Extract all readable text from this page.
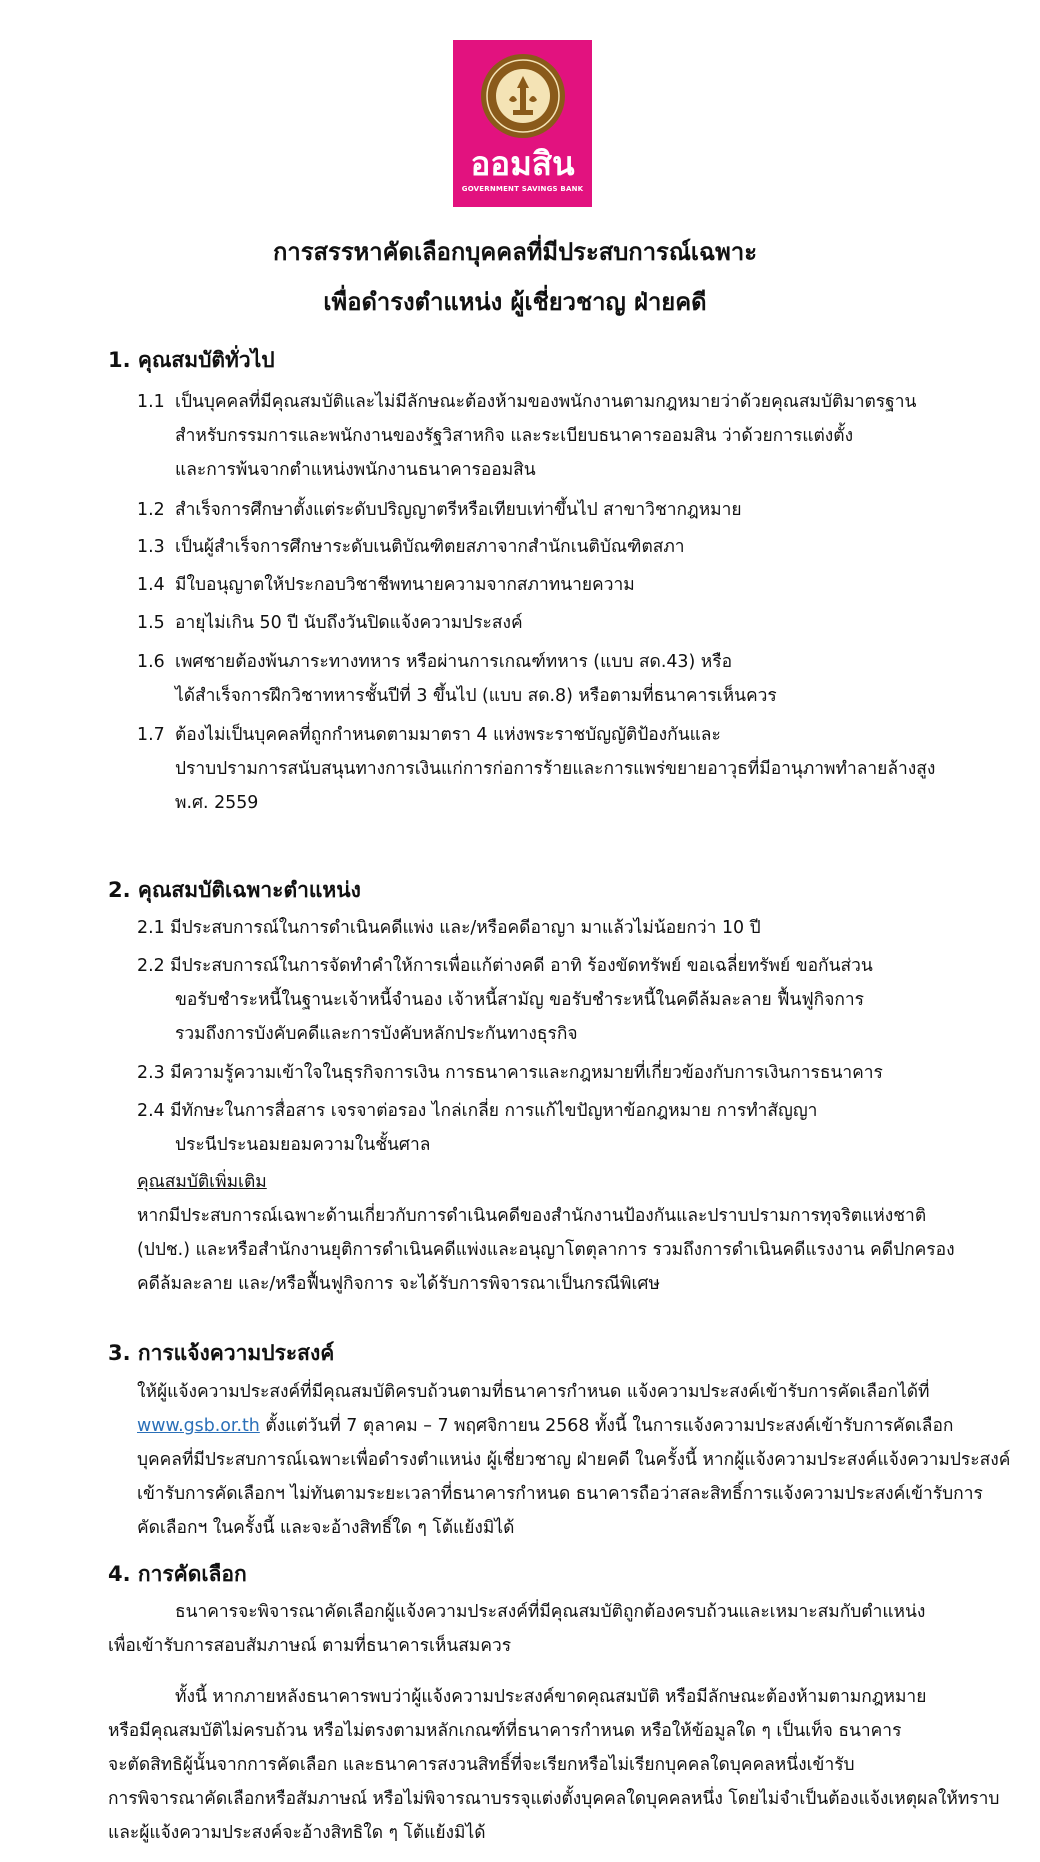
ออมสิน
GOVERNMENT SAVINGS BANK
การสรรหาคัดเลือกบุคคลที่มีประสบการณ์เฉพาะ
เพื่อดำรงตำแหน่ง ผู้เชี่ยวชาญ ฝ่ายคดี
1. คุณสมบัติทั่วไป
1.1 เป็นบุคคลที่มีคุณสมบัติและไม่มีลักษณะต้องห้ามของพนักงานตามกฎหมายว่าด้วยคุณสมบัติมาตรฐาน
สำหรับกรรมการและพนักงานของรัฐวิสาหกิจ และระเบียบธนาคารออมสิน ว่าด้วยการแต่งตั้ง
และการพ้นจากตำแหน่งพนักงานธนาคารออมสิน
1.2 สำเร็จการศึกษาตั้งแต่ระดับปริญญาตรีหรือเทียบเท่าขึ้นไป สาขาวิชากฎหมาย
1.3 เป็นผู้สำเร็จการศึกษาระดับเนติบัณฑิตยสภาจากสำนักเนติบัณฑิตสภา
1.4 มีใบอนุญาตให้ประกอบวิชาชีพทนายความจากสภาทนายความ
1.5 อายุไม่เกิน 50 ปี นับถึงวันปิดแจ้งความประสงค์
1.6 เพศชายต้องพ้นภาระทางทหาร หรือผ่านการเกณฑ์ทหาร (แบบ สด.43) หรือ
ได้สำเร็จการฝึกวิชาทหารชั้นปีที่ 3 ขึ้นไป (แบบ สด.8) หรือตามที่ธนาคารเห็นควร
1.7 ต้องไม่เป็นบุคคลที่ถูกกำหนดตามมาตรา 4 แห่งพระราชบัญญัติป้องกันและ
ปราบปรามการสนับสนุนทางการเงินแก่การก่อการร้ายและการแพร่ขยายอาวุธที่มีอานุภาพทำลายล้างสูง
พ.ศ. 2559
2. คุณสมบัติเฉพาะตำแหน่ง
2.1 มีประสบการณ์ในการดำเนินคดีแพ่ง และ/หรือคดีอาญา มาแล้วไม่น้อยกว่า 10 ปี
2.2 มีประสบการณ์ในการจัดทำคำให้การเพื่อแก้ต่างคดี อาทิ ร้องขัดทรัพย์ ขอเฉลี่ยทรัพย์ ขอกันส่วน
ขอรับชำระหนี้ในฐานะเจ้าหนี้จำนอง เจ้าหนี้สามัญ ขอรับชำระหนี้ในคดีล้มละลาย ฟื้นฟูกิจการ
รวมถึงการบังคับคดีและการบังคับหลักประกันทางธุรกิจ
2.3 มีความรู้ความเข้าใจในธุรกิจการเงิน การธนาคารและกฎหมายที่เกี่ยวข้องกับการเงินการธนาคาร
2.4 มีทักษะในการสื่อสาร เจรจาต่อรอง ไกล่เกลี่ย การแก้ไขปัญหาข้อกฎหมาย การทำสัญญา
ประนีประนอมยอมความในชั้นศาล
คุณสมบัติเพิ่มเติม
หากมีประสบการณ์เฉพาะด้านเกี่ยวกับการดำเนินคดีของสำนักงานป้องกันและปราบปรามการทุจริตแห่งชาติ
(ปปช.) และหรือสำนักงานยุติการดำเนินคดีแพ่งและอนุญาโตตุลาการ รวมถึงการดำเนินคดีแรงงาน คดีปกครอง
คดีล้มละลาย และ/หรือฟื้นฟูกิจการ จะได้รับการพิจารณาเป็นกรณีพิเศษ
3. การแจ้งความประสงค์
ให้ผู้แจ้งความประสงค์ที่มีคุณสมบัติครบถ้วนตามที่ธนาคารกำหนด แจ้งความประสงค์เข้ารับการคัดเลือกได้ที่
www.gsb.or.th ตั้งแต่วันที่ 7 ตุลาคม – 7 พฤศจิกายน 2568 ทั้งนี้ ในการแจ้งความประสงค์เข้ารับการคัดเลือก
บุคคลที่มีประสบการณ์เฉพาะเพื่อดำรงตำแหน่ง ผู้เชี่ยวชาญ ฝ่ายคดี ในครั้งนี้ หากผู้แจ้งความประสงค์แจ้งความประสงค์
เข้ารับการคัดเลือกฯ ไม่ทันตามระยะเวลาที่ธนาคารกำหนด ธนาคารถือว่าสละสิทธิ์การแจ้งความประสงค์เข้ารับการ
คัดเลือกฯ ในครั้งนี้ และจะอ้างสิทธิ์ใด ๆ โต้แย้งมิได้
4. การคัดเลือก
ธนาคารจะพิจารณาคัดเลือกผู้แจ้งความประสงค์ที่มีคุณสมบัติถูกต้องครบถ้วนและเหมาะสมกับตำแหน่ง
เพื่อเข้ารับการสอบสัมภาษณ์ ตามที่ธนาคารเห็นสมควร
ทั้งนี้ หากภายหลังธนาคารพบว่าผู้แจ้งความประสงค์ขาดคุณสมบัติ หรือมีลักษณะต้องห้ามตามกฎหมาย
หรือมีคุณสมบัติไม่ครบถ้วน หรือไม่ตรงตามหลักเกณฑ์ที่ธนาคารกำหนด หรือให้ข้อมูลใด ๆ เป็นเท็จ ธนาคาร
จะตัดสิทธิผู้นั้นจากการคัดเลือก และธนาคารสงวนสิทธิ์ที่จะเรียกหรือไม่เรียกบุคคลใดบุคคลหนึ่งเข้ารับ
การพิจารณาคัดเลือกหรือสัมภาษณ์ หรือไม่พิจารณาบรรจุแต่งตั้งบุคคลใดบุคคลหนึ่ง โดยไม่จำเป็นต้องแจ้งเหตุผลให้ทราบ
และผู้แจ้งความประสงค์จะอ้างสิทธิใด ๆ โต้แย้งมิได้
